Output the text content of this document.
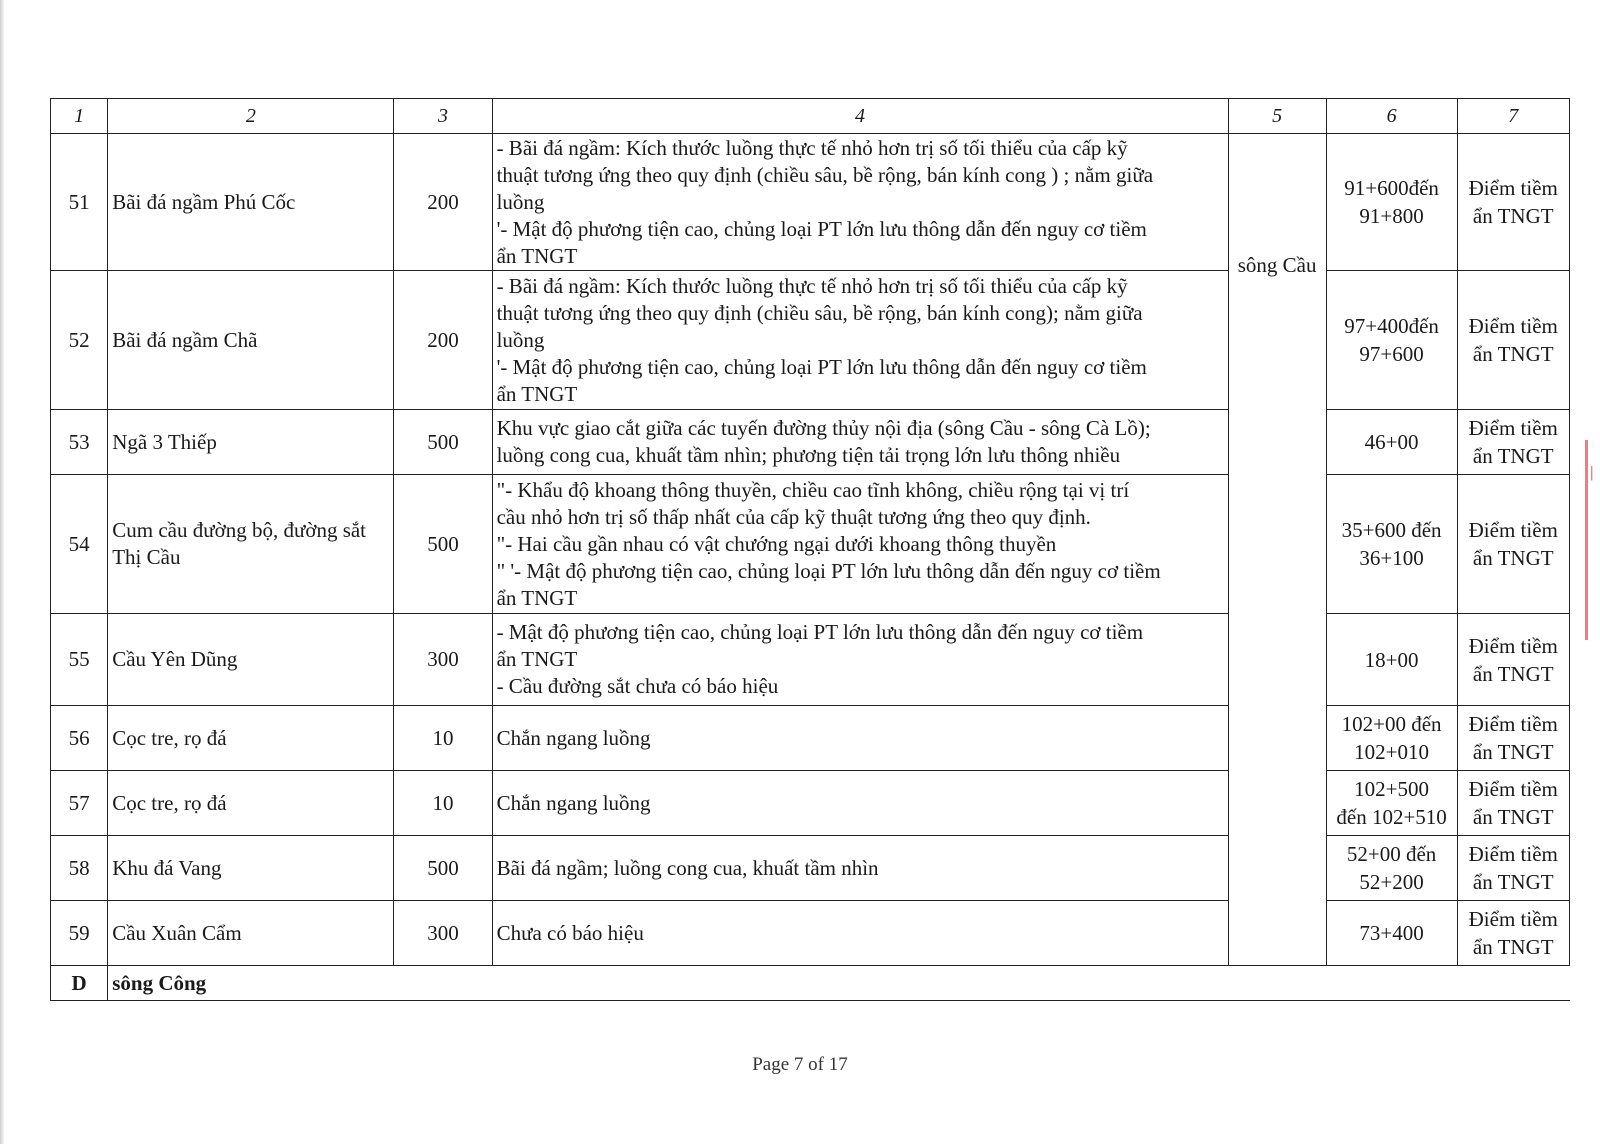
1	2	3	4	5	6	7
51	Bãi đá ngầm Phú Cốc	200	- Bãi đá ngầm: Kích thước luồng thực tế nhỏ hơn trị số tối thiểu của cấp kỹ
thuật tương ứng theo quy định (chiều sâu, bề rộng, bán kính cong ) ; nằm giữa
luồng
'- Mật độ phương tiện cao, chủng loại PT lớn lưu thông dẫn đến nguy cơ tiềm
ẩn TNGT	sông Cầu	91+600đến
91+800	Điểm tiềm
ẩn TNGT

52	Bãi đá ngầm Chã	200	- Bãi đá ngầm: Kích thước luồng thực tế nhỏ hơn trị số tối thiểu của cấp kỹ
thuật tương ứng theo quy định (chiều sâu, bề rộng, bán kính cong); nằm giữa
luồng
'- Mật độ phương tiện cao, chủng loại PT lớn lưu thông dẫn đến nguy cơ tiềm
ẩn TNGT		97+400đến
97+600	Điểm tiềm
ẩn TNGT

53	Ngã 3 Thiếp	500	Khu vực giao cắt giữa các tuyến đường thủy nội địa (sông Cầu - sông Cà Lồ);
luồng cong cua, khuất tầm nhìn; phương tiện tải trọng lớn lưu thông nhiều		46+00	Điểm tiềm
ẩn TNGT

54	Cum cầu đường bộ, đường sắt Thị Cầu	500	"- Khẩu độ khoang thông thuyền, chiều cao tĩnh không, chiều rộng tại vị trí
cầu nhỏ hơn trị số thấp nhất của cấp kỹ thuật tương ứng theo quy định.
"- Hai cầu gần nhau có vật chướng ngại dưới khoang thông thuyền
" '- Mật độ phương tiện cao, chủng loại PT lớn lưu thông dẫn đến nguy cơ tiềm
ẩn TNGT		35+600 đến
36+100	Điểm tiềm
ẩn TNGT

55	Cầu Yên Dũng	300	- Mật độ phương tiện cao, chủng loại PT lớn lưu thông dẫn đến nguy cơ tiềm
ẩn TNGT
- Cầu đường sắt chưa có báo hiệu		18+00	Điểm tiềm
ẩn TNGT

56	Cọc tre, rọ đá	10	Chắn ngang luồng		102+00 đến
102+010	Điểm tiềm
ẩn TNGT

57	Cọc tre, rọ đá	10	Chắn ngang luồng		102+500
đến 102+510	Điểm tiềm
ẩn TNGT

58	Khu đá Vang	500	Bãi đá ngầm; luồng cong cua, khuất tầm nhìn		52+00 đến
52+200	Điểm tiềm
ẩn TNGT

59	Cầu Xuân Cẩm	300	Chưa có báo hiệu		73+400	Điểm tiềm
ẩn TNGT

D	sông Công					
|
Page 7 of 17
